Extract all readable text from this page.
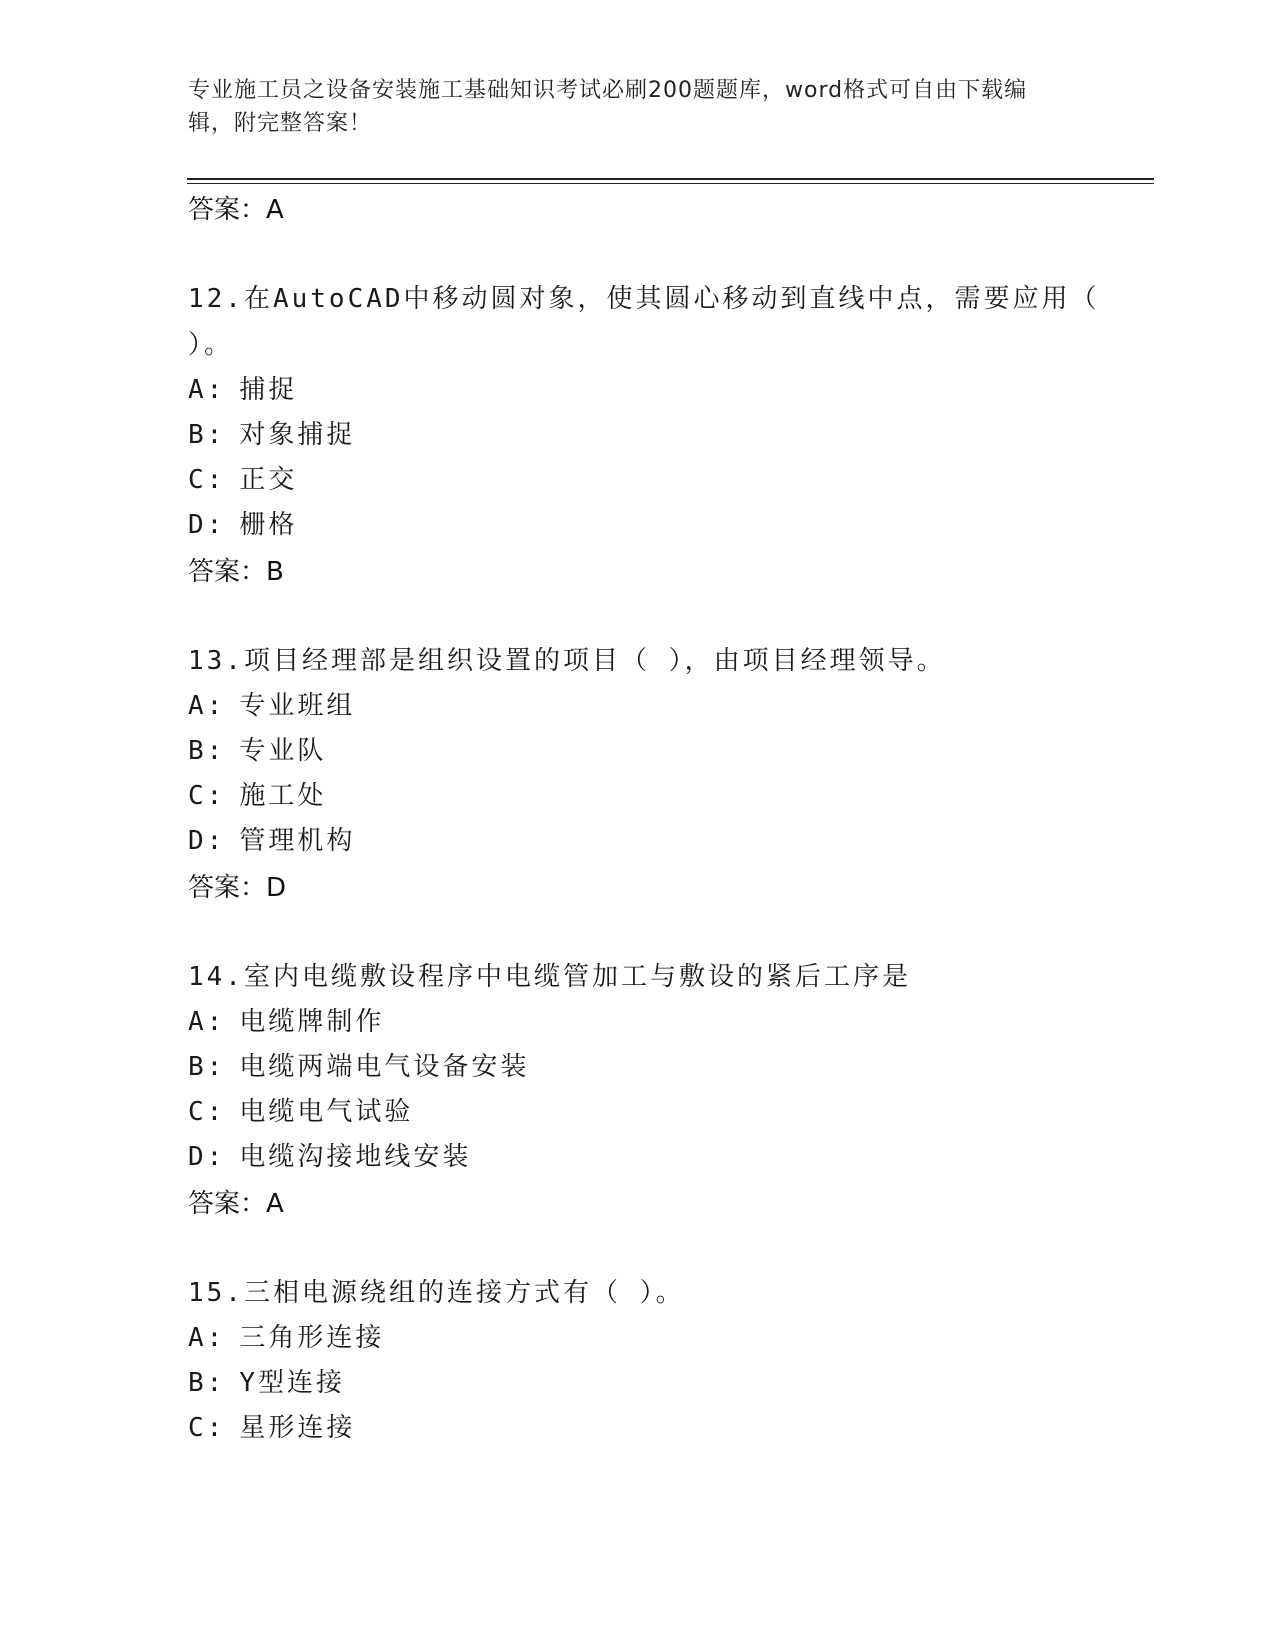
专业施工员之设备安装施工基础知识考试必刷200题题库，word格式可自由下载编辑，附完整答案！
答案：A
12.在AutoCAD中移动圆对象，使其圆心移动到直线中点，需要应用（ ）。
A: 捕捉
B: 对象捕捉
C: 正交
D: 栅格
答案：B
13.项目经理部是组织设置的项目（ ），由项目经理领导。
A: 专业班组
B: 专业队
C: 施工处
D: 管理机构
答案：D
14.室内电缆敷设程序中电缆管加工与敷设的紧后工序是
A: 电缆牌制作
B: 电缆两端电气设备安装
C: 电缆电气试验
D: 电缆沟接地线安装
答案：A
15.三相电源绕组的连接方式有（ ）。
A: 三角形连接
B: Y型连接
C: 星形连接
